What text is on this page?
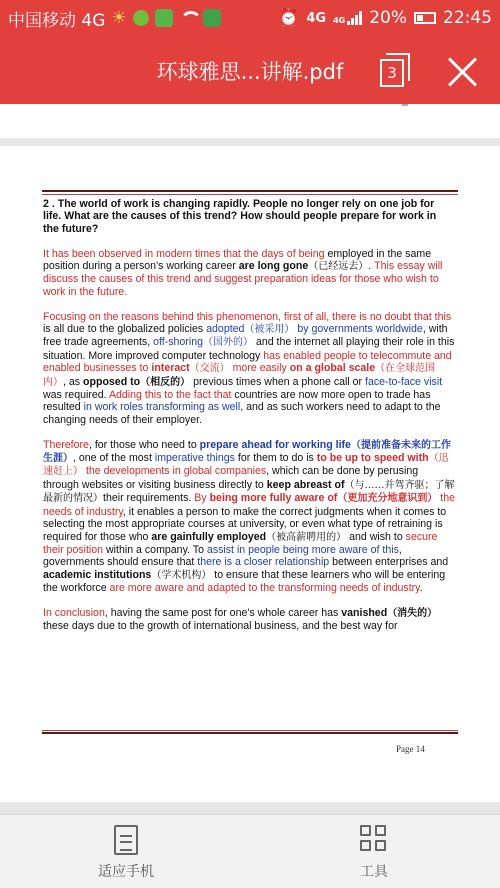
中国移动 4G ☀	⏰ 4G 4G 20% 22:45
环球雅思...讲解.pdf	3

2 . The world of work is changing rapidly. People no longer rely on one job for life. What are the causes of this trend? How should people prepare for work in the future?

It has been observed in modern times that the days of being employed in the same position during a person's working career are long gone（已经远去）. This essay will discuss the causes of this trend and suggest preparation ideas for those who wish to work in the future.

Focusing on the reasons behind this phenomenon, first of all, there is no doubt that this is all due to the globalized policies adopted（被采用） by governments worldwide, with free trade agreements, off-shoring（国外的） and the internet all playing their role in this situation. More improved computer technology has enabled people to telecommute and enabled businesses to interact（交流） more easily on a global scale（在全球范围内）, as opposed to（相反的） previous times when a phone call or face-to-face visit was required. Adding this to the fact that countries are now more open to trade has resulted in work roles transforming as well, and as such workers need to adapt to the changing needs of their employer.

Therefore, for those who need to prepare ahead for working life（提前准备未来的工作生涯）, one of the most imperative things for them to do is to be up to speed with（迅速赶上） the developments in global companies, which can be done by perusing through websites or visiting business directly to keep abreast of（与……并驾齐驱；了解最新的情况）their requirements. By being more fully aware of（更加充分地意识到） the needs of industry, it enables a person to make the correct judgments when it comes to selecting the most appropriate courses at university, or even what type of retraining is required for those who are gainfully employed（被高薪聘用的） and wish to secure their position within a company. To assist in people being more aware of this, governments should ensure that there is a closer relationship between enterprises and academic institutions（学术机构） to ensure that these learners who will be entering the workforce are more aware and adapted to the transforming needs of industry.

In conclusion, having the same post for one's whole career has vanished（消失的） these days due to the growth of international business, and the best way for

Page 14
适应手机	工具
